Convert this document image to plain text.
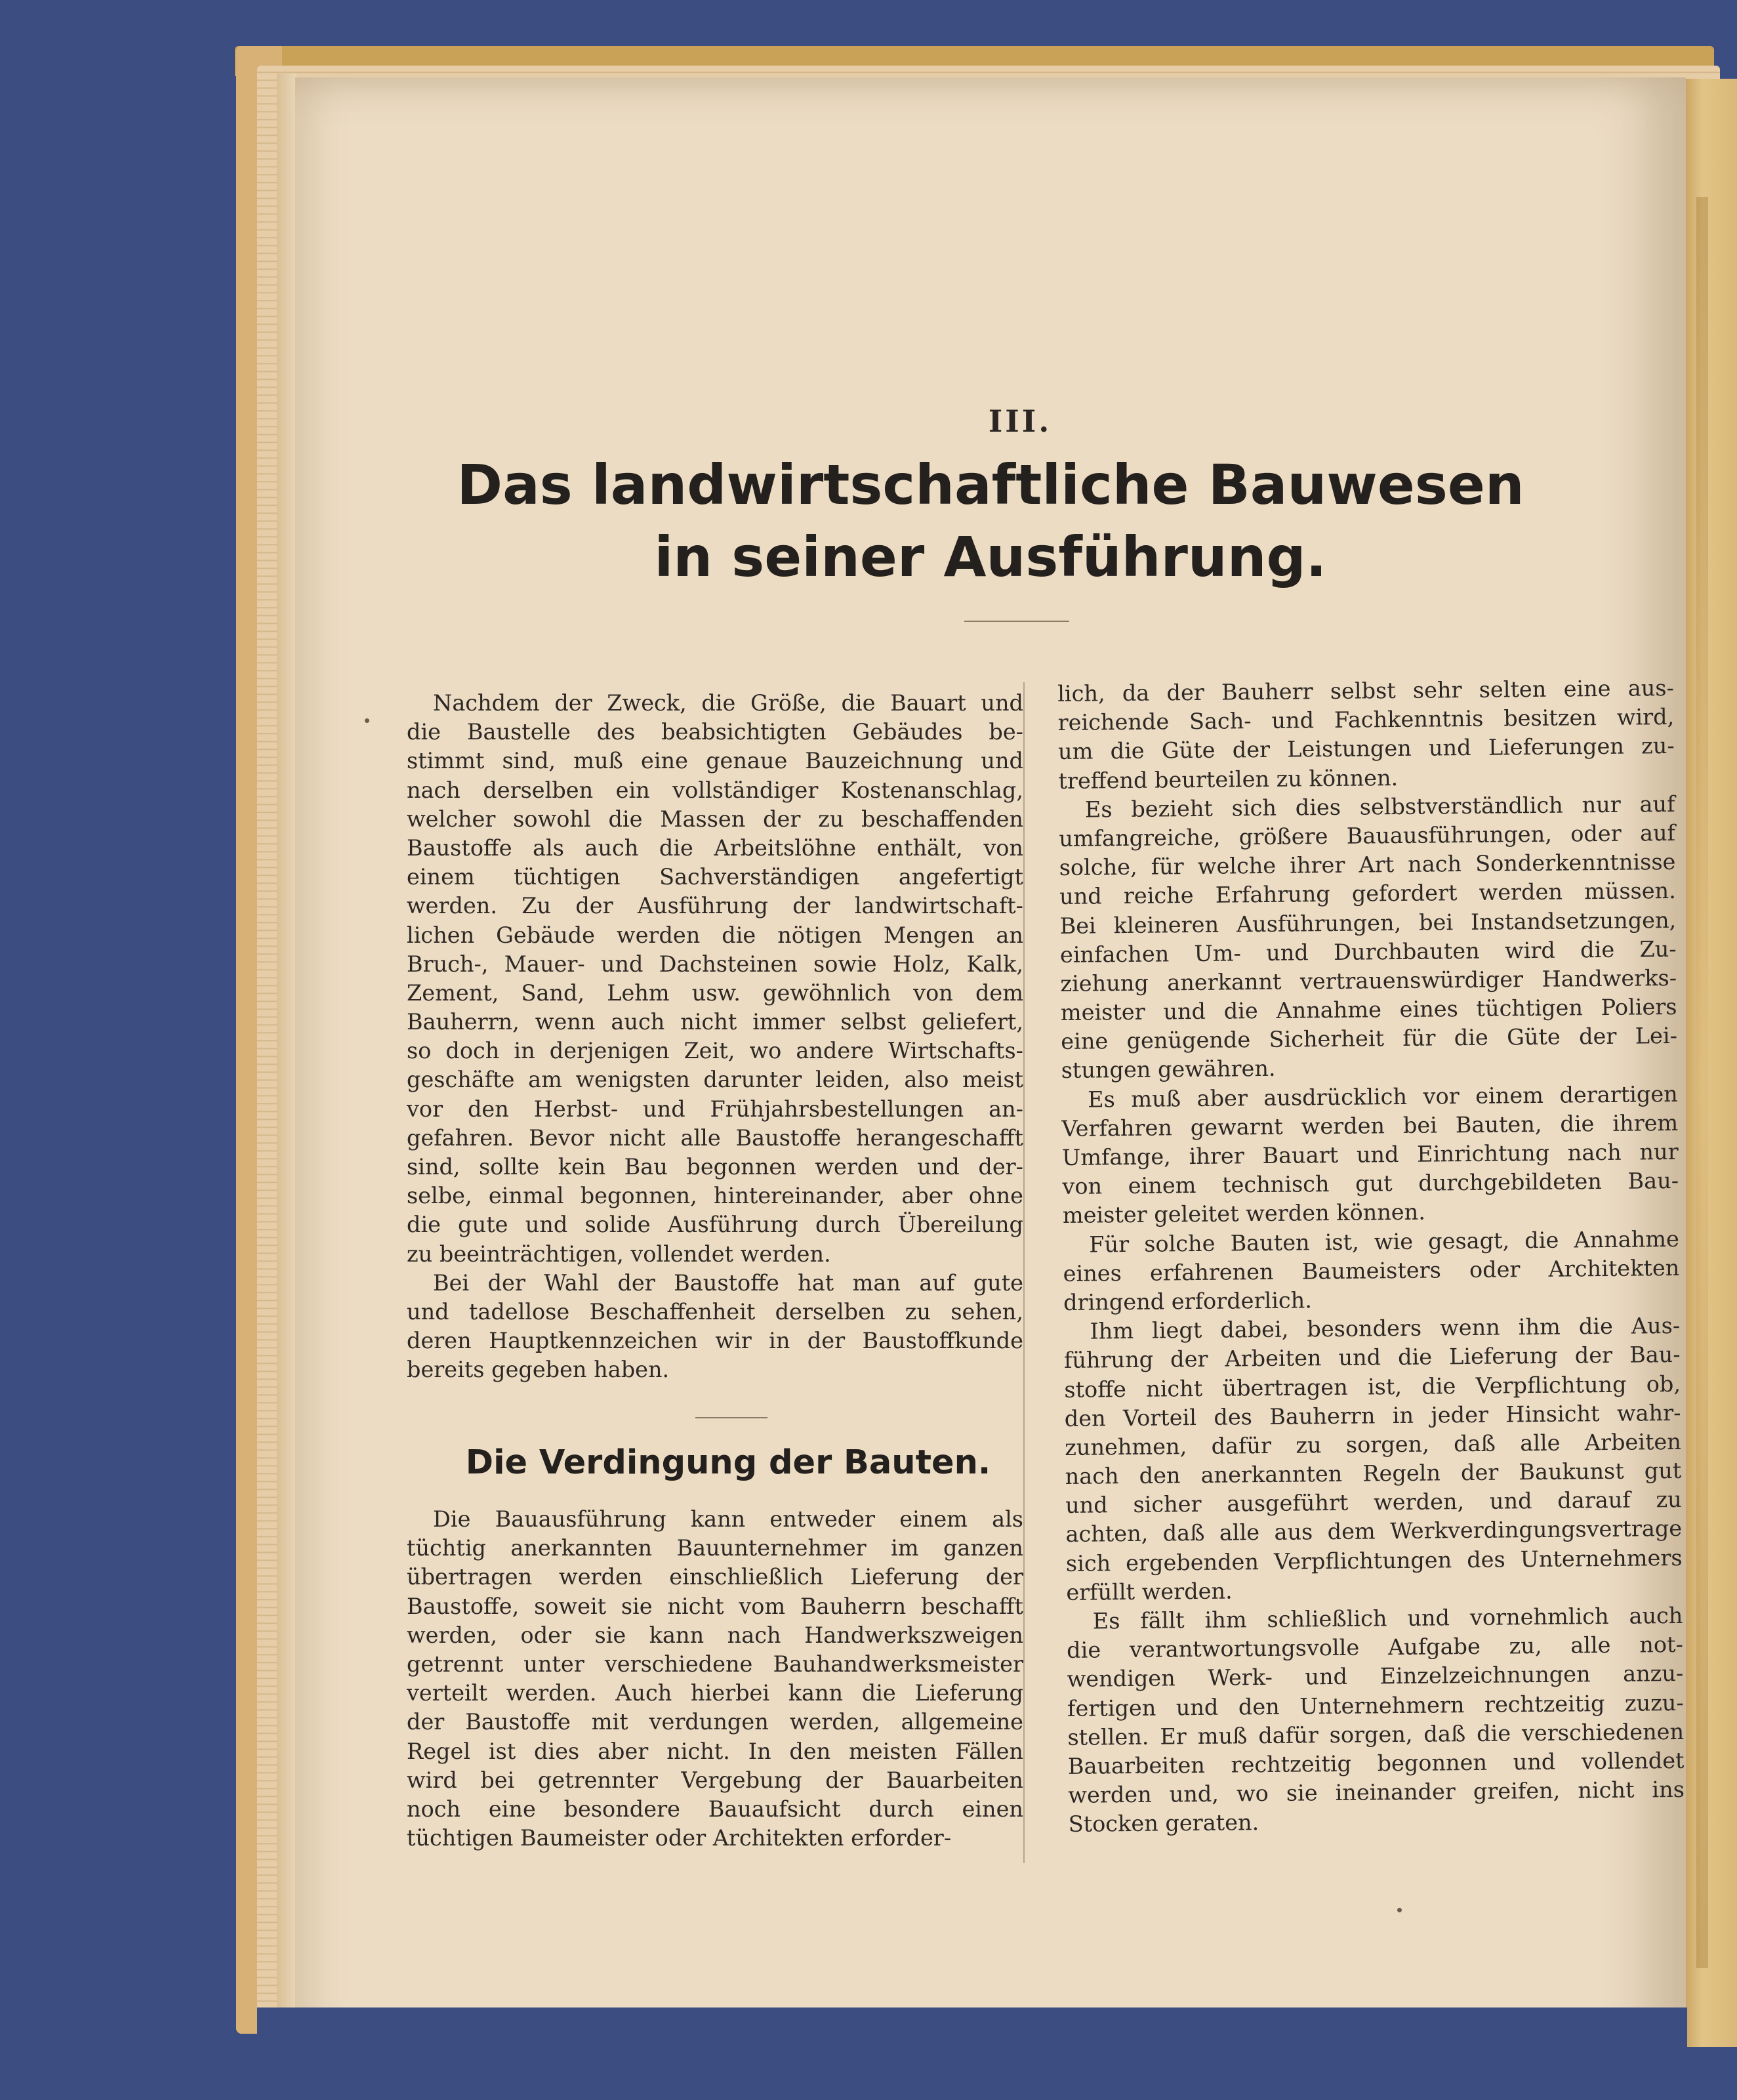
III.

Das landwirtschaftliche Bauwesen

in seiner Ausführung.

Nachdem der Zweck, die Größe, die Bauart und
die Baustelle des beabsichtigten Gebäudes be-
stimmt sind, muß eine genaue Bauzeichnung und
nach derselben ein vollständiger Kostenanschlag,
welcher sowohl die Massen der zu beschaffenden
Baustoffe als auch die Arbeitslöhne enthält, von
einem tüchtigen Sachverständigen angefertigt
werden. Zu der Ausführung der landwirtschaft-
lichen Gebäude werden die nötigen Mengen an
Bruch-, Mauer- und Dachsteinen sowie Holz, Kalk,
Zement, Sand, Lehm usw. gewöhnlich von dem
Bauherrn, wenn auch nicht immer selbst geliefert,
so doch in derjenigen Zeit, wo andere Wirtschafts-
geschäfte am wenigsten darunter leiden, also meist
vor den Herbst- und Frühjahrsbestellungen an-
gefahren. Bevor nicht alle Baustoffe herangeschafft
sind, sollte kein Bau begonnen werden und der-
selbe, einmal begonnen, hintereinander, aber ohne
die gute und solide Ausführung durch Übereilung
zu beeinträchtigen, vollendet werden.
Bei der Wahl der Baustoffe hat man auf gute
und tadellose Beschaffenheit derselben zu sehen,
deren Hauptkennzeichen wir in der Baustoffkunde
bereits gegeben haben.

Die Verdingung der Bauten.

Die Bauausführung kann entweder einem als
tüchtig anerkannten Bauunternehmer im ganzen
übertragen werden einschließlich Lieferung der
Baustoffe, soweit sie nicht vom Bauherrn beschafft
werden, oder sie kann nach Handwerkszweigen
getrennt unter verschiedene Bauhandwerksmeister
verteilt werden. Auch hierbei kann die Lieferung
der Baustoffe mit verdungen werden, allgemeine
Regel ist dies aber nicht. In den meisten Fällen
wird bei getrennter Vergebung der Bauarbeiten
noch eine besondere Bauaufsicht durch einen
tüchtigen Baumeister oder Architekten erforder-
lich, da der Bauherr selbst sehr selten eine aus-
reichende Sach- und Fachkenntnis besitzen wird,
um die Güte der Leistungen und Lieferungen zu-
treffend beurteilen zu können.
Es bezieht sich dies selbstverständlich nur auf
umfangreiche, größere Bauausführungen, oder auf
solche, für welche ihrer Art nach Sonderkenntnisse
und reiche Erfahrung gefordert werden müssen.
Bei kleineren Ausführungen, bei Instandsetzungen,
einfachen Um- und Durchbauten wird die Zu-
ziehung anerkannt vertrauenswürdiger Handwerks-
meister und die Annahme eines tüchtigen Poliers
eine genügende Sicherheit für die Güte der Lei-
stungen gewähren.
Es muß aber ausdrücklich vor einem derartigen
Verfahren gewarnt werden bei Bauten, die ihrem
Umfange, ihrer Bauart und Einrichtung nach nur
von einem technisch gut durchgebildeten Bau-
meister geleitet werden können.
Für solche Bauten ist, wie gesagt, die Annahme
eines erfahrenen Baumeisters oder Architekten
dringend erforderlich.
Ihm liegt dabei, besonders wenn ihm die Aus-
führung der Arbeiten und die Lieferung der Bau-
stoffe nicht übertragen ist, die Verpflichtung ob,
den Vorteil des Bauherrn in jeder Hinsicht wahr-
zunehmen, dafür zu sorgen, daß alle Arbeiten
nach den anerkannten Regeln der Baukunst gut
und sicher ausgeführt werden, und darauf zu
achten, daß alle aus dem Werkverdingungsvertrage
sich ergebenden Verpflichtungen des Unternehmers
erfüllt werden.
Es fällt ihm schließlich und vornehmlich auch
die verantwortungsvolle Aufgabe zu, alle not-
wendigen Werk- und Einzelzeichnungen anzu-
fertigen und den Unternehmern rechtzeitig zuzu-
stellen. Er muß dafür sorgen, daß die verschiedenen
Bauarbeiten rechtzeitig begonnen und vollendet
werden und, wo sie ineinander greifen, nicht ins
Stocken geraten.
